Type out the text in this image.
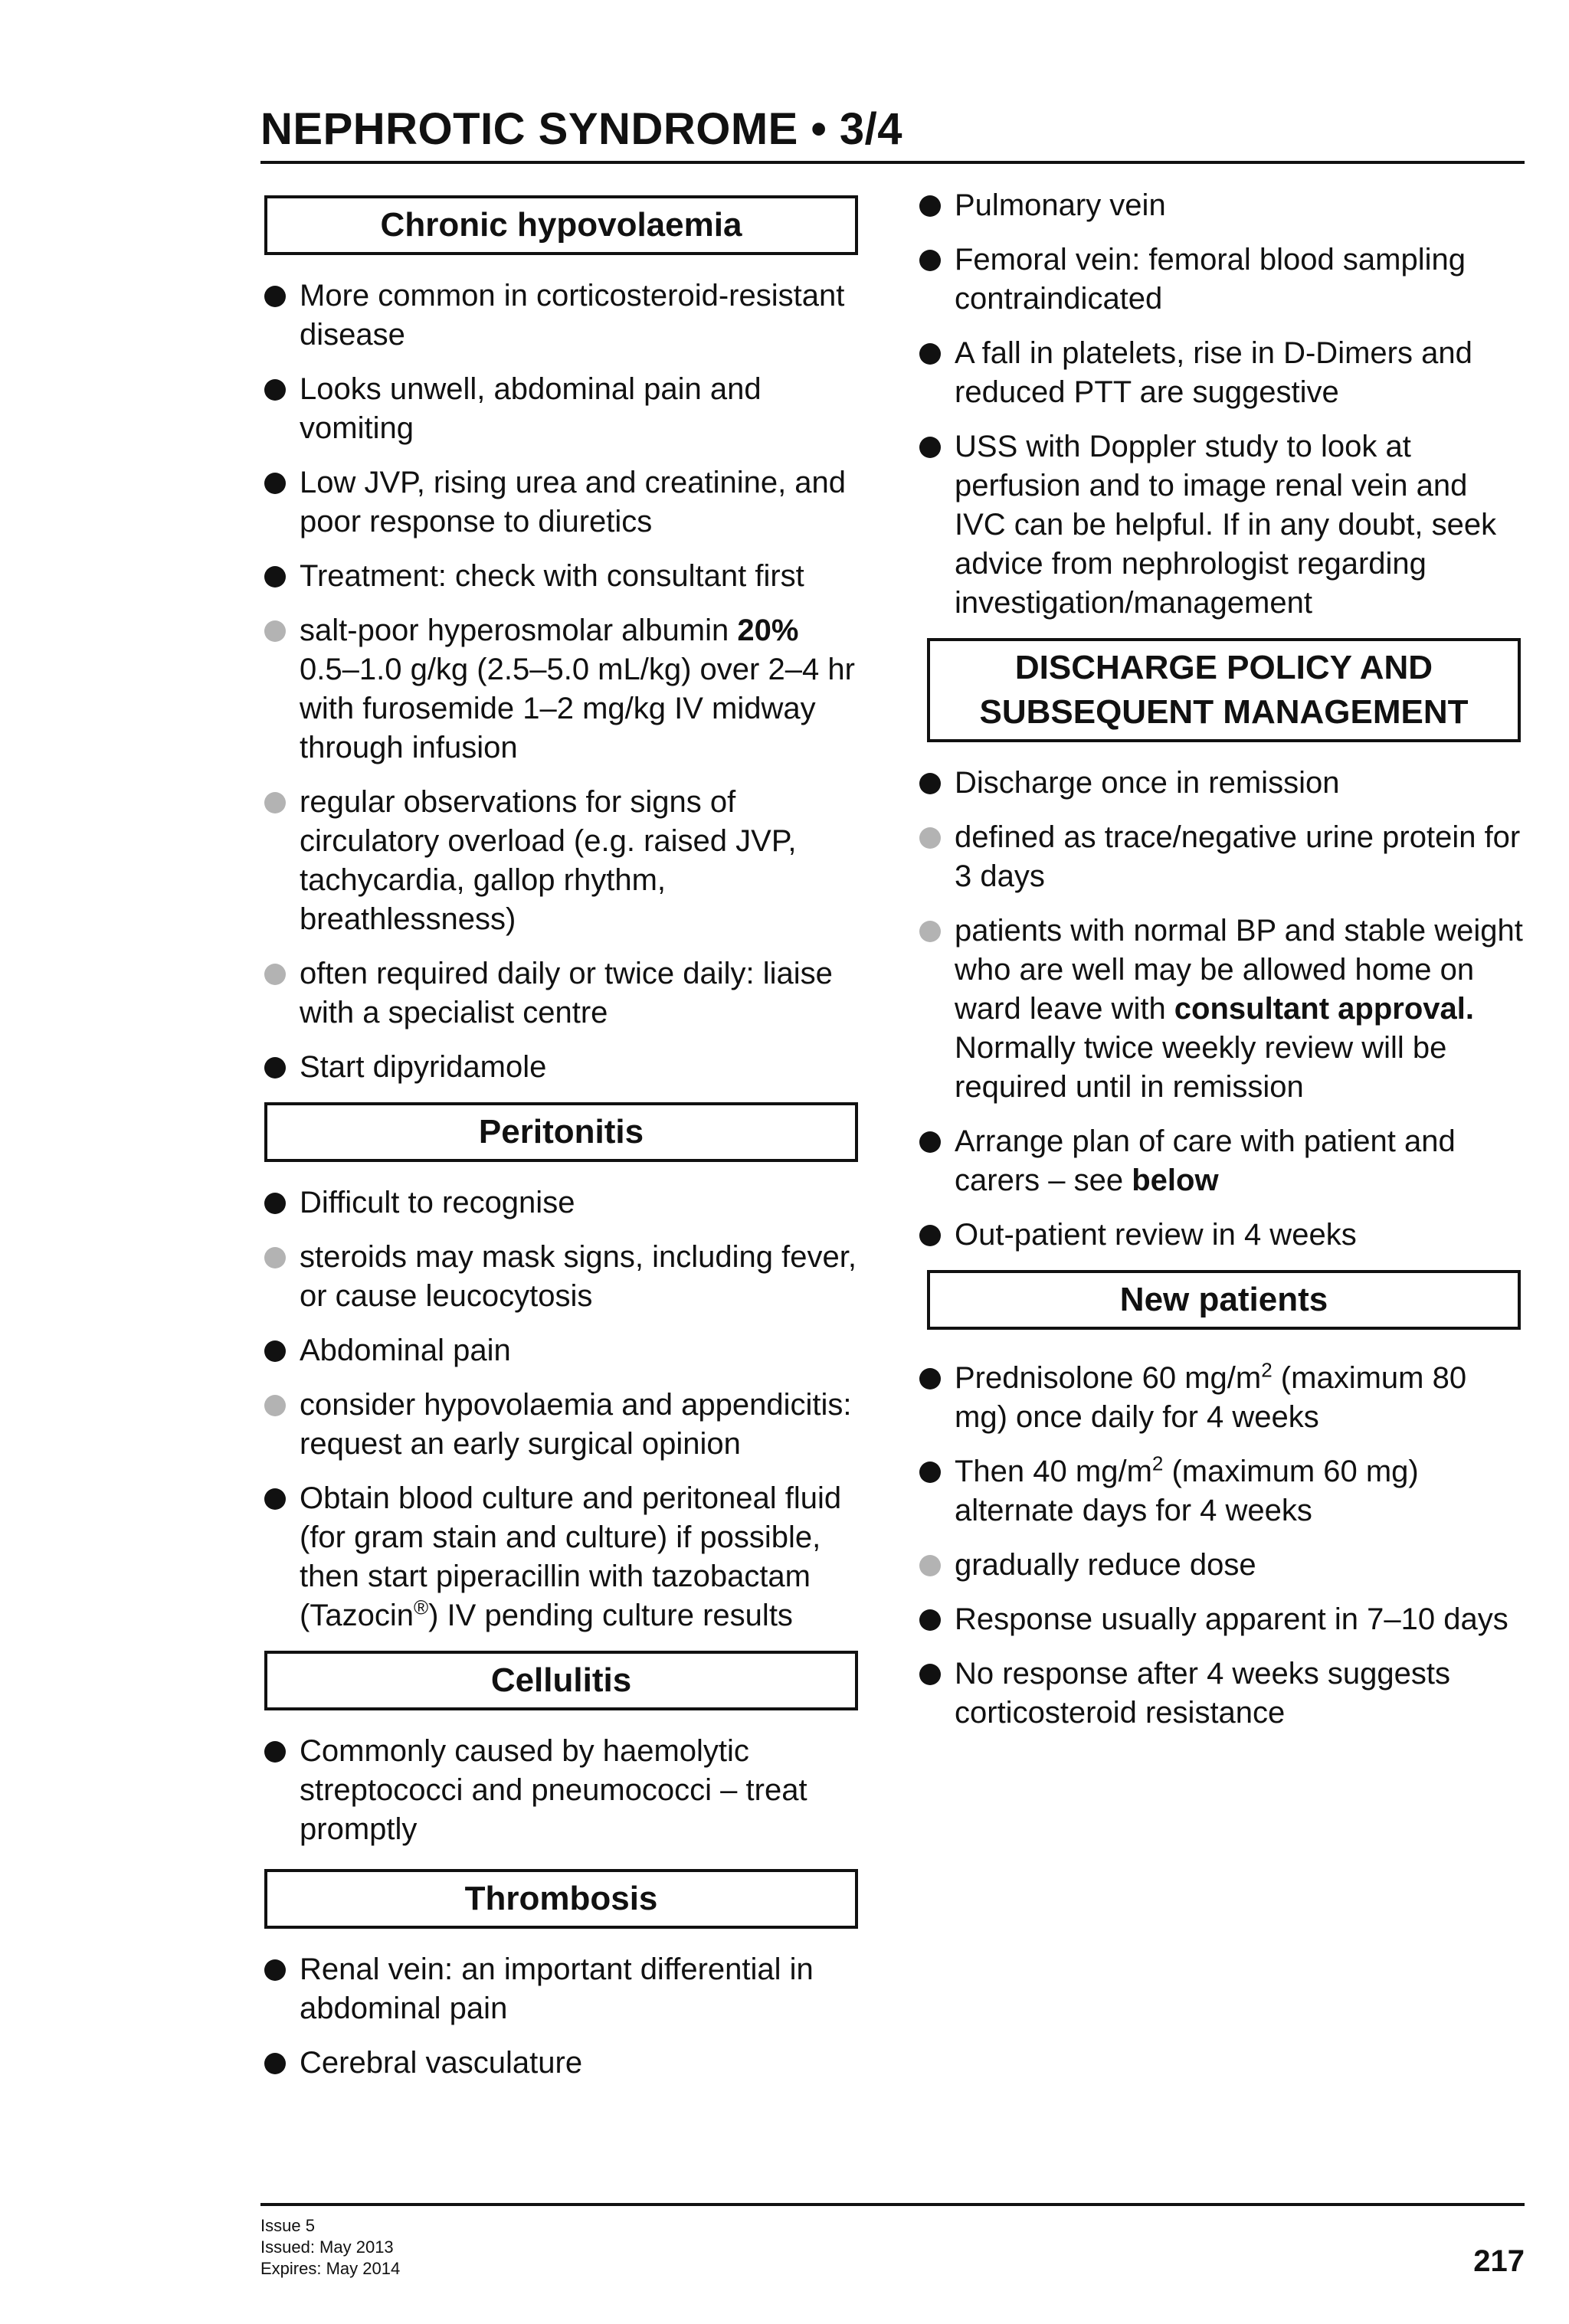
NEPHROTIC SYNDROME • 3/4
Chronic hypovolaemia
More common in corticosteroid-resistant disease
Looks unwell, abdominal pain and vomiting
Low JVP, rising urea and creatinine, and poor response to diuretics
Treatment: check with consultant first
salt-poor hyperosmolar albumin 20% 0.5–1.0 g/kg (2.5–5.0 mL/kg) over 2–4 hr with furosemide 1–2 mg/kg IV midway through infusion
regular observations for signs of circulatory overload (e.g. raised JVP, tachycardia, gallop rhythm, breathlessness)
often required daily or twice daily: liaise with a specialist centre
Start dipyridamole
Peritonitis
Difficult to recognise
steroids may mask signs, including fever, or cause leucocytosis
Abdominal pain
consider hypovolaemia and appendicitis: request an early surgical opinion
Obtain blood culture and peritoneal fluid (for gram stain and culture) if possible, then start piperacillin with tazobactam (Tazocin®) IV pending culture results
Cellulitis
Commonly caused by haemolytic streptococci and pneumococci – treat promptly
Thrombosis
Renal vein: an important differential in abdominal pain
Cerebral vasculature
Pulmonary vein
Femoral vein: femoral blood sampling contraindicated
A fall in platelets, rise in D-Dimers and reduced PTT are suggestive
USS with Doppler study to look at perfusion and to image renal vein and IVC can be helpful. If in any doubt, seek advice from nephrologist regarding investigation/management
DISCHARGE POLICY AND
SUBSEQUENT MANAGEMENT
Discharge once in remission
defined as trace/negative urine protein for 3 days
patients with normal BP and stable weight who are well may be allowed home on ward leave with consultant approval. Normally twice weekly review will be required until in remission
Arrange plan of care with patient and carers – see below
Out-patient review in 4 weeks
New patients
Prednisolone 60 $mg/m^2$ (maximum 80 mg) once daily for 4 weeks
Then 40 $mg/m^2$ (maximum 60 mg) alternate days for 4 weeks
gradually reduce dose
Response usually apparent in 7–10 days
No response after 4 weeks suggests corticosteroid resistance
Issue 5
Issued: May 2013
Expires: May 2014	217
